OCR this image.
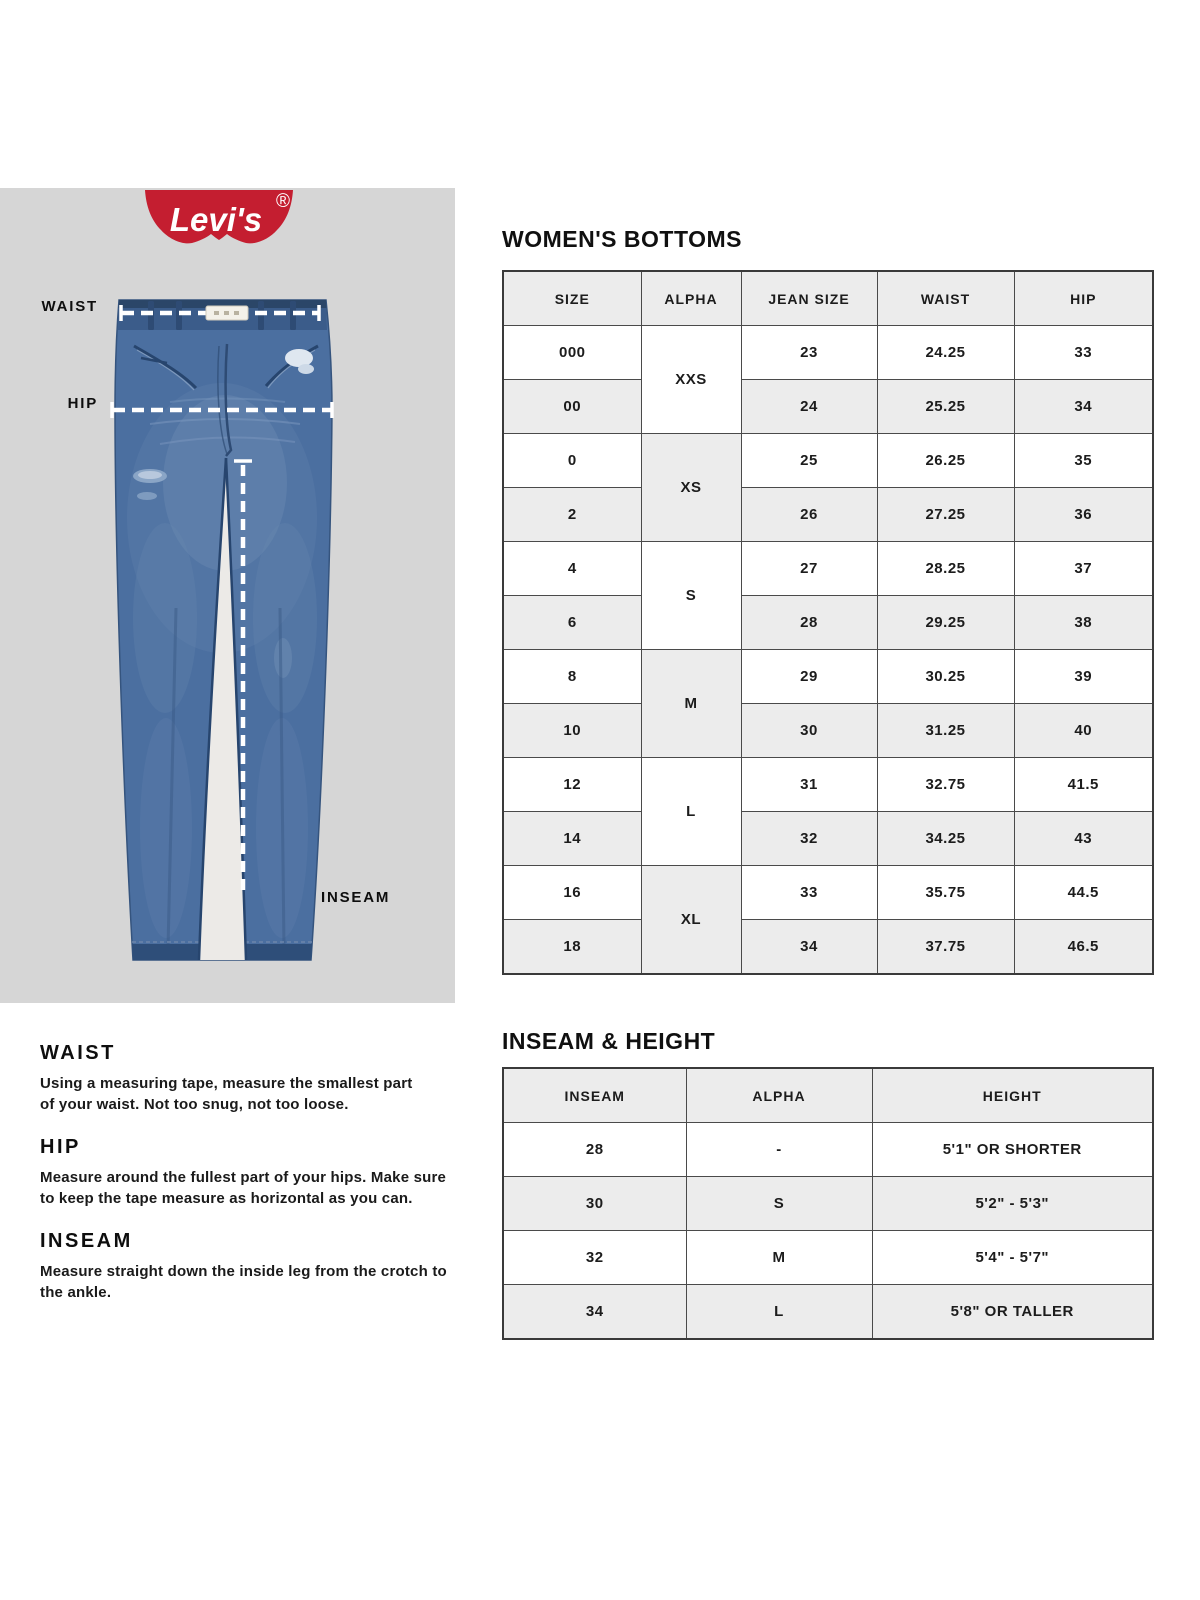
Levi's ®
WAIST
HIP
INSEAM
WOMEN'S BOTTOMS
SIZE	ALPHA	JEAN SIZE	WAIST	HIP
000	XXS	23	24.25	33
00		24	25.25	34
0	XS	25	26.25	35
2		26	27.25	36
4	S	27	28.25	37
6		28	29.25	38
8	M	29	30.25	39
10		30	31.25	40
12	L	31	32.75	41.5
14		32	34.25	43
16	XL	33	35.75	44.5
18		34	37.75	46.5
INSEAM & HEIGHT
INSEAM	ALPHA	HEIGHT
28	-	5'1" OR SHORTER
30	S	5'2" - 5'3"
32	M	5'4" - 5'7"
34	L	5'8" OR TALLER
WAIST
Using a measuring tape, measure the smallest part
of your waist. Not too snug, not too loose.
HIP
Measure around the fullest part of your hips. Make sure
to keep the tape measure as horizontal as you can.
INSEAM
Measure straight down the inside leg from the crotch to
the ankle.
